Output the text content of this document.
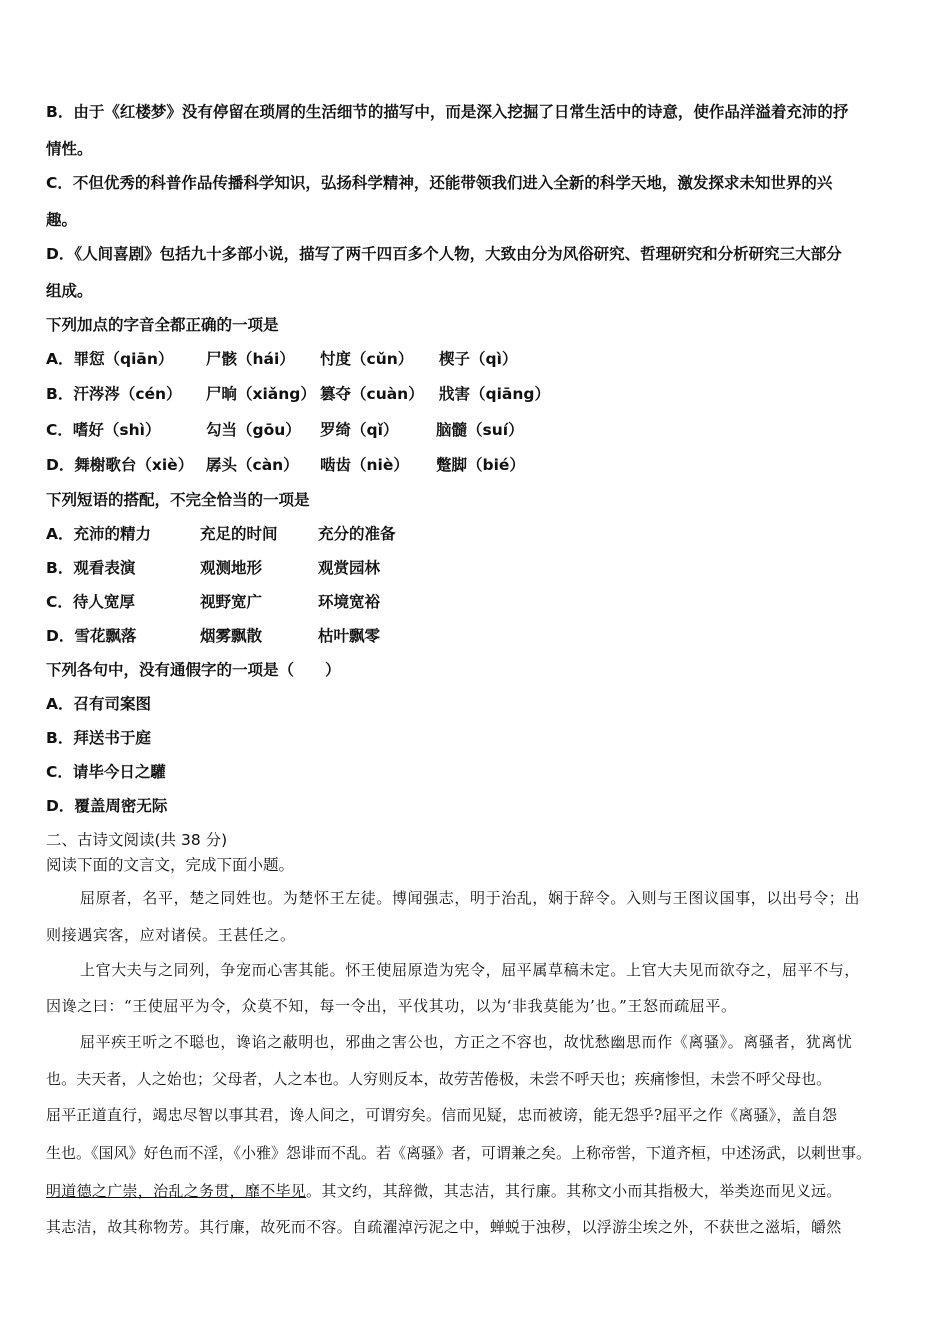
B．由于《红楼梦》没有停留在琐屑的生活细节的描写中，而是深入挖掘了日常生活中的诗意，使作品洋溢着充沛的抒
情性。
C．不但优秀的科普作品传播科学知识，弘扬科学精神，还能带领我们进入全新的科学天地，激发探求未知世界的兴
趣。
D．《人间喜剧》包括九十多部小说，描写了两千四百多个人物，大致由分为风俗研究、哲理研究和分析研究三大部分
组成。
下列加点的字音全都正确的一项是
A．罪愆（qiān） 尸骸（hái） 忖度（cǔn） 楔子（qì）
B．汗涔涔（cén） 尸晌（xiǎng） 篡夺（cuàn） 戕害（qiāng）
C．嗜好（shì）	勾当（gōu） 罗绮（qǐ） 脑髓（suí）
D．舞榭歌台（xiè） 孱头（càn） 啮齿（niè） 蹩脚（bié）
下列短语的搭配，不完全恰当的一项是
A．充沛的精力	充足的时间	充分的准备
B．观看表演	观测地形	观赏园林
C．待人宽厚	视野宽广	环境宽裕
D．雪花飘落	烟雾飘散	枯叶飘零
下列各句中，没有通假字的一项是（　　）
A．召有司案图
B．拜送书于庭
C．请毕今日之驩
D．覆盖周密无际
二、古诗文阅读(共 38 分)
阅读下面的文言文，完成下面小题。
屈原者，名平，楚之同姓也。为楚怀王左徒。博闻强志，明于治乱，娴于辞令。入则与王图议国事，以出号令；出
则接遇宾客，应对诸侯。王甚任之。
上官大夫与之同列，争宠而心害其能。怀王使屈原造为宪令，屈平属草稿未定。上官大夫见而欲夺之，屈平不与，
因谗之曰：“王使屈平为令，众莫不知，每一令出，平伐其功，以为‘非我莫能为’也。”王怒而疏屈平。
屈平疾王听之不聪也，谗谄之蔽明也，邪曲之害公也，方正之不容也，故忧愁幽思而作《离骚》。离骚者，犹离忧
也。夫天者，人之始也；父母者，人之本也。人穷则反本，故劳苦倦极，未尝不呼天也；疾痛惨怛，未尝不呼父母也。
屈平正道直行，竭忠尽智以事其君，谗人间之，可谓穷矣。信而见疑，忠而被谤，能无怨乎?屈平之作《离骚》，盖自怨
生也。《国风》好色而不淫，《小雅》怨诽而不乱。若《离骚》者，可谓兼之矣。上称帝喾，下道齐桓，中述汤武，以刺世事。
明道德之广崇，治乱之务贯，靡不毕见。其文约，其辞微，其志洁，其行廉。其称文小而其指极大，举类迩而见义远。
其志洁，故其称物芳。其行廉，故死而不容。自疏濯淖污泥之中，蝉蜕于浊秽，以浮游尘埃之外，不获世之滋垢，皭然
